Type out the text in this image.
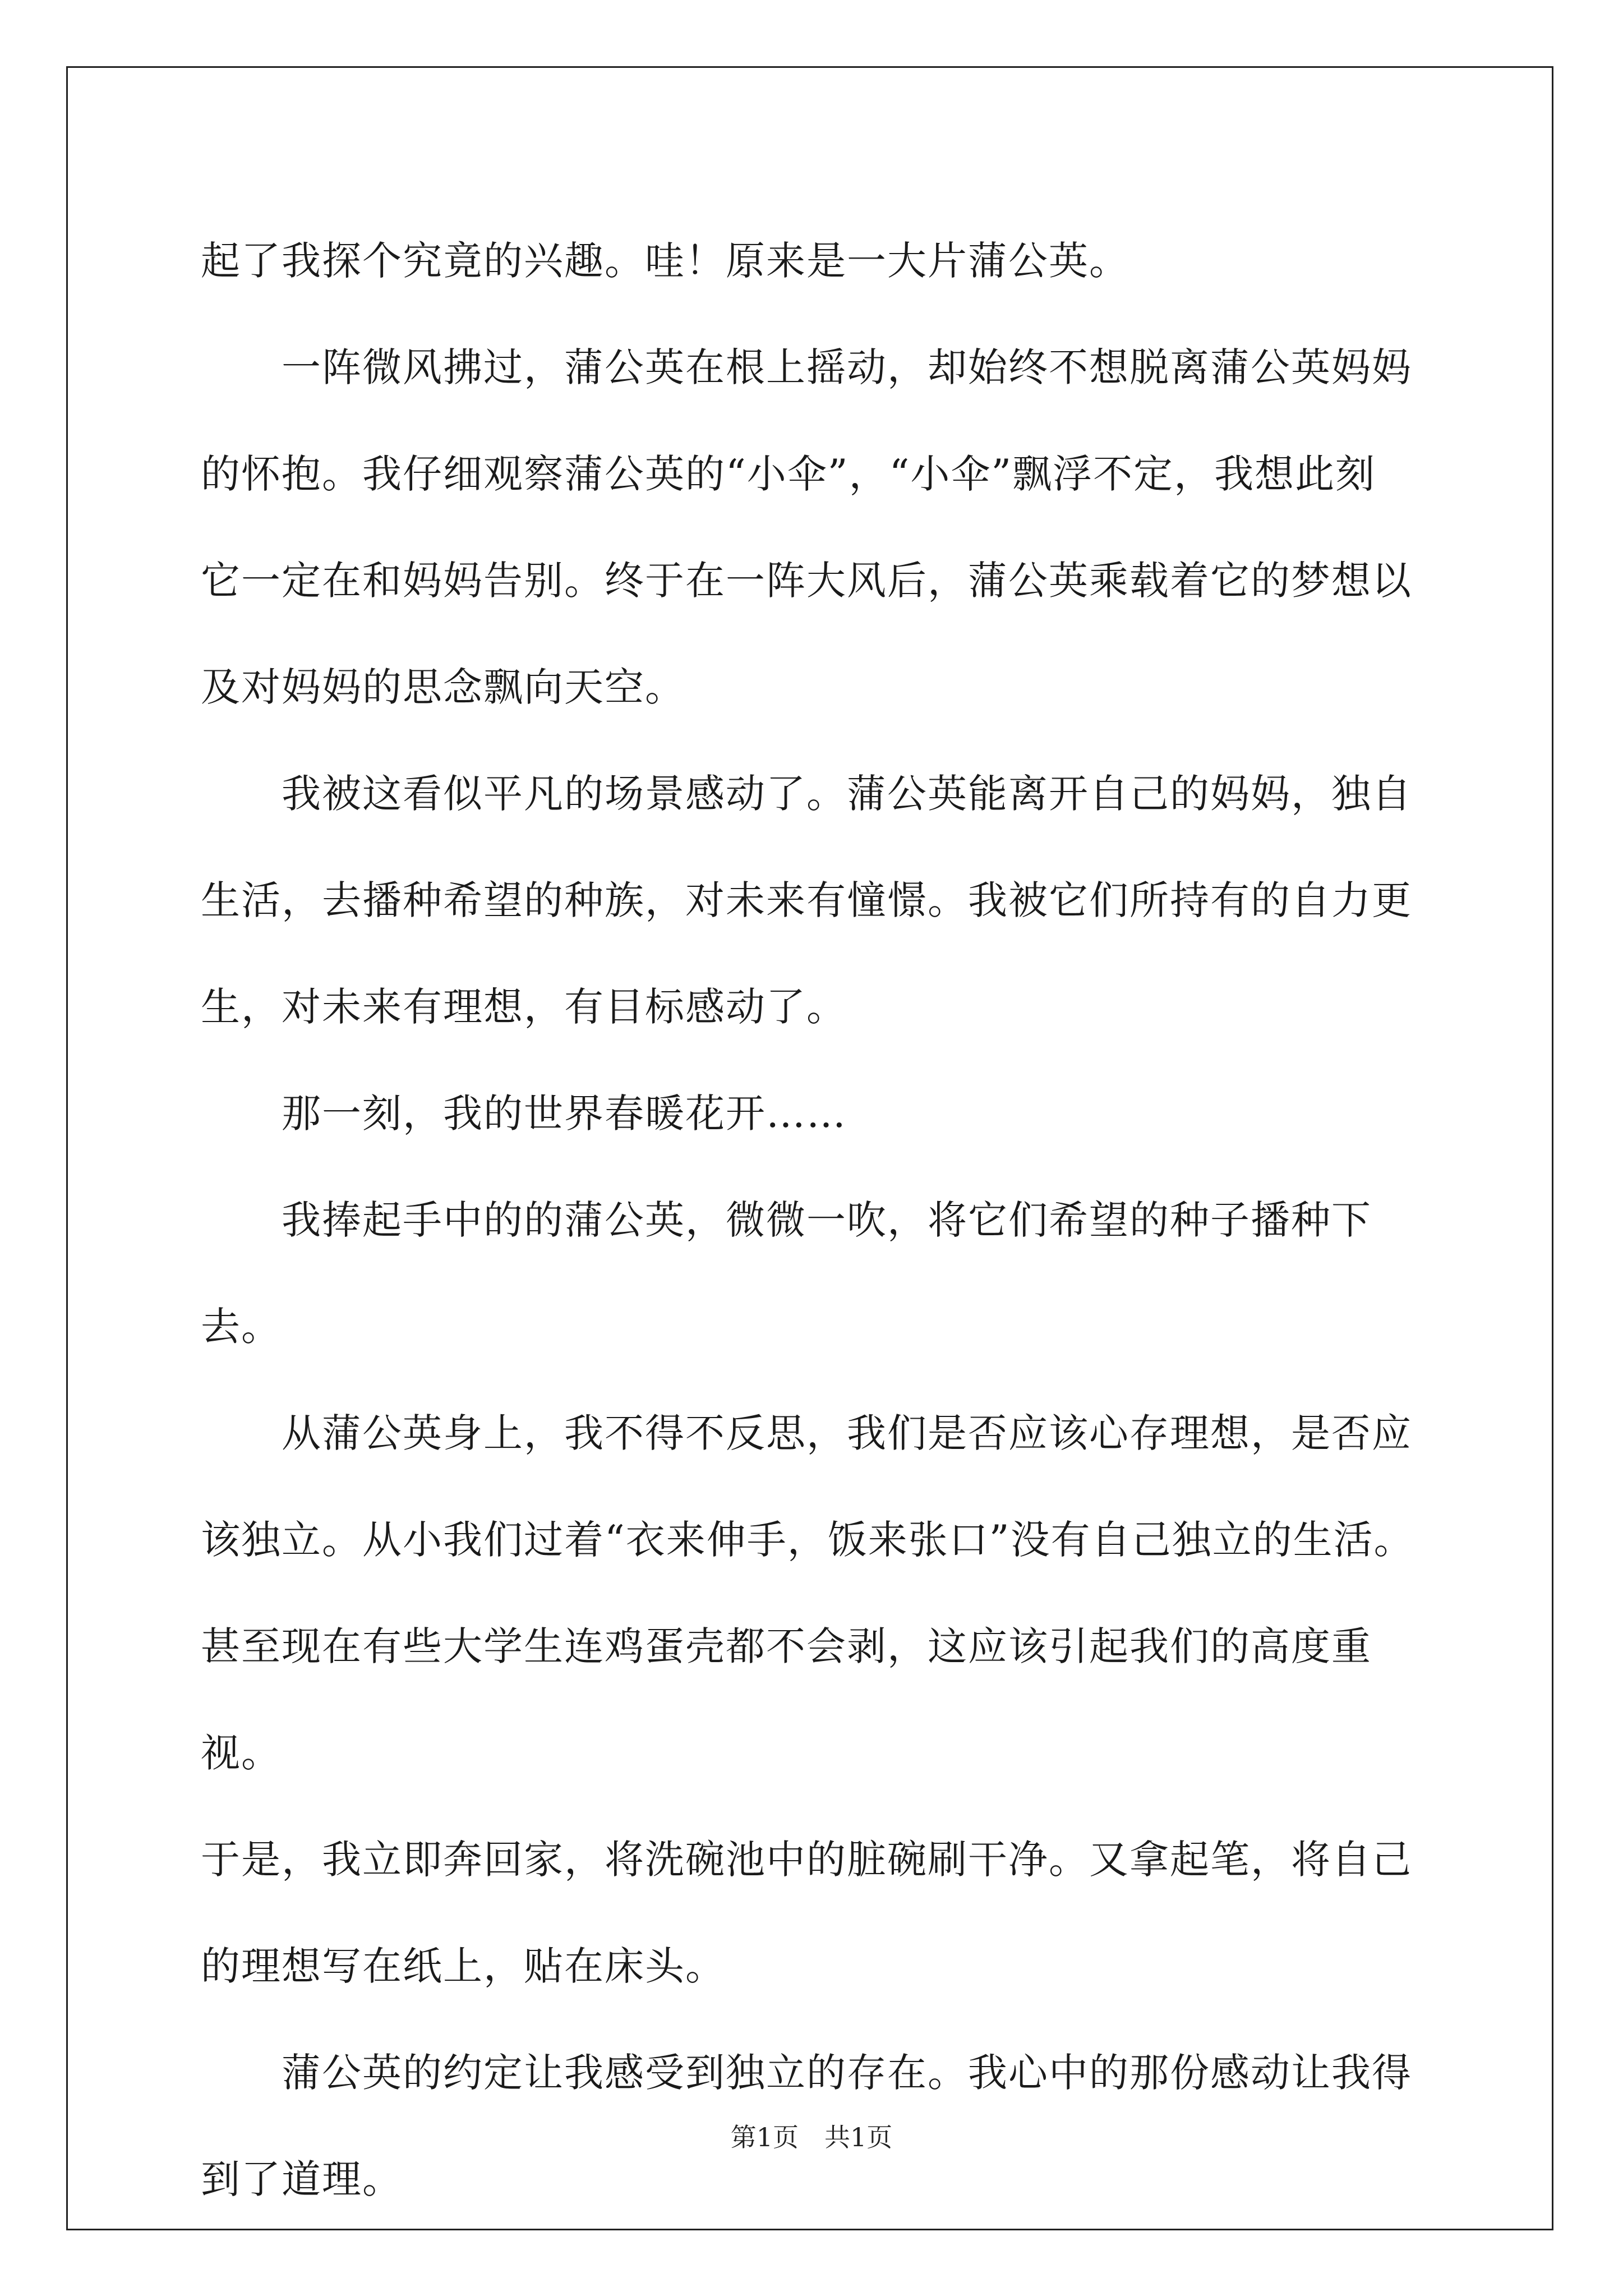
起了我探个究竟的兴趣。哇！原来是一大片蒲公英。

　　一阵微风拂过，蒲公英在根上摇动，却始终不想脱离蒲公英妈妈
的怀抱。我仔细观察蒲公英的“小伞”，“小伞”飘浮不定，我想此刻
它一定在和妈妈告别。终于在一阵大风后，蒲公英乘载着它的梦想以
及对妈妈的思念飘向天空。

　　我被这看似平凡的场景感动了。蒲公英能离开自己的妈妈，独自
生活，去播种希望的种族，对未来有憧憬。我被它们所持有的自力更
生，对未来有理想，有目标感动了。

　　那一刻，我的世界春暖花开……

　　我捧起手中的的蒲公英，微微一吹，将它们希望的种子播种下去。

　　从蒲公英身上，我不得不反思，我们是否应该心存理想，是否应
该独立。从小我们过着“衣来伸手，饭来张口”没有自己独立的生活。
甚至现在有些大学生连鸡蛋壳都不会剥，这应该引起我们的高度重视。
于是，我立即奔回家，将洗碗池中的脏碗刷干净。又拿起笔，将自己
的理想写在纸上，贴在床头。

　　蒲公英的约定让我感受到独立的存在。我心中的那份感动让我得
到了道理。

第1页　共1页
